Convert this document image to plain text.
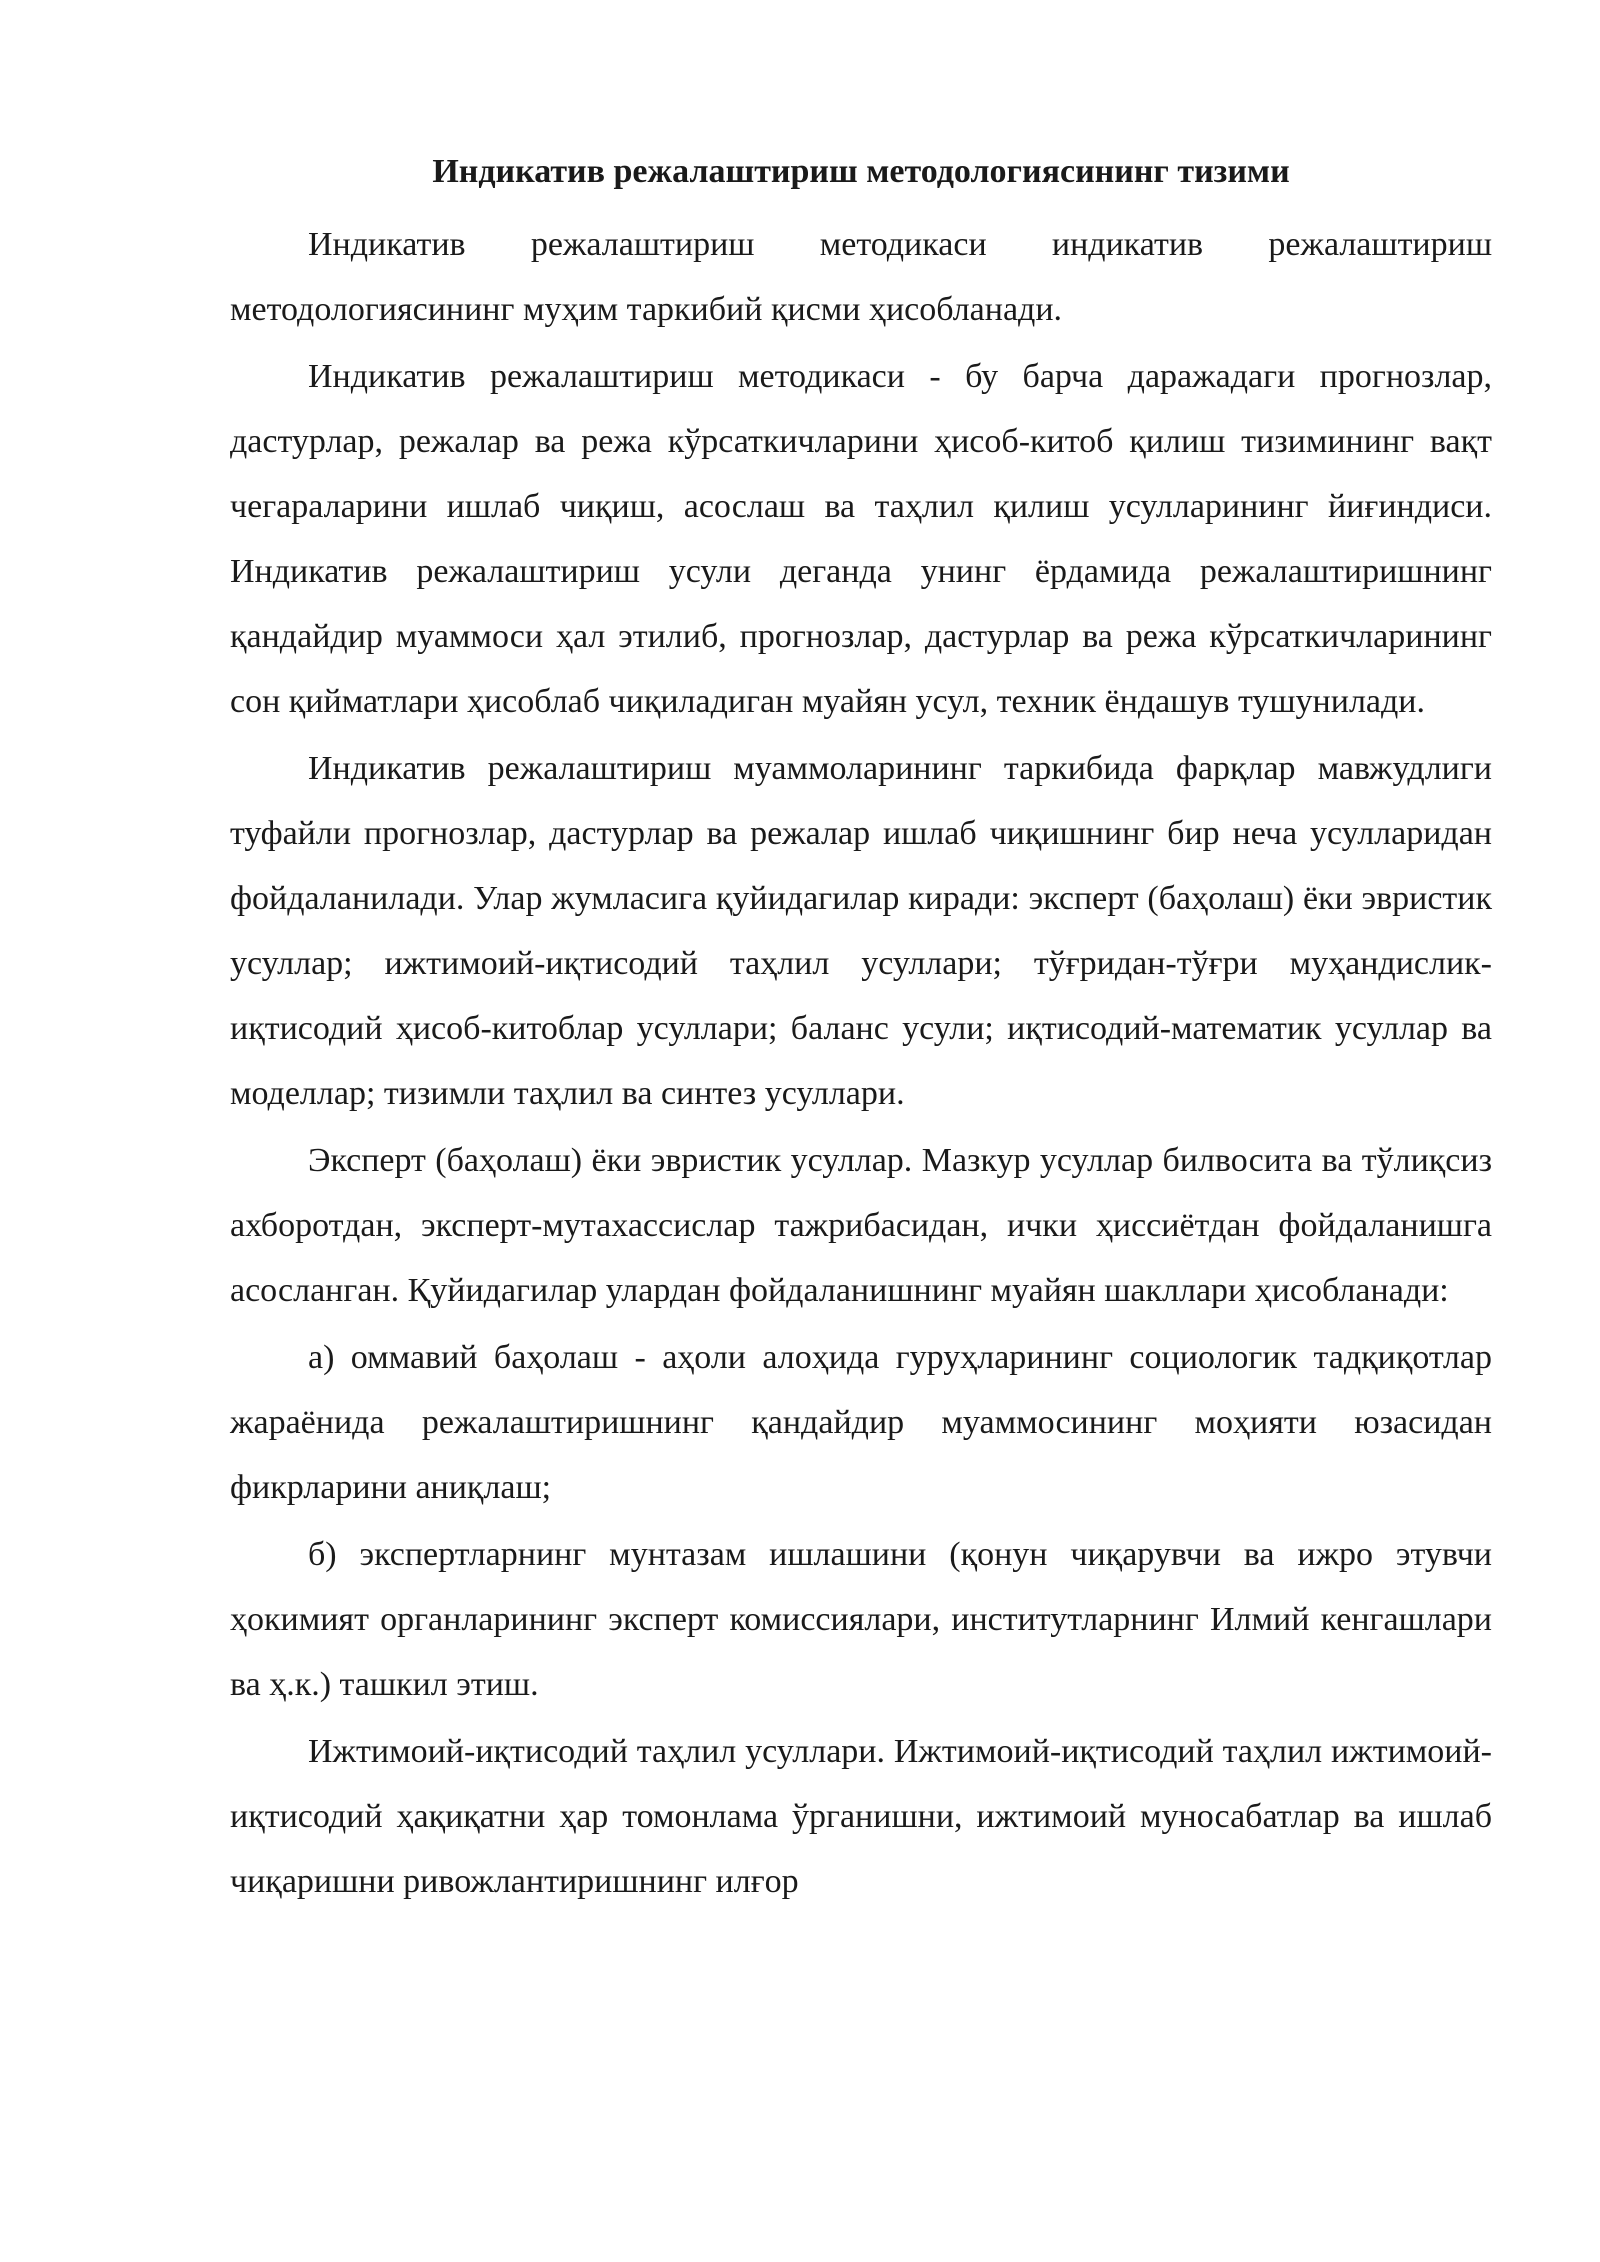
Индикатив режалаштириш методологиясининг тизими

Индикатив режалаштириш методикаси индикатив режалаштириш методологиясининг муҳим таркибий қисми ҳисобланади.

Индикатив режалаштириш методикаси - бу барча даражадаги прогнозлар, дастурлар, режалар ва режа кўрсаткичларини ҳисоб-китоб қилиш тизимининг вақт чегараларини ишлаб чиқиш, асослаш ва таҳлил қилиш усулларининг йиғиндиси. Индикатив режалаштириш усули деганда унинг ёрдамида режалаштиришнинг қандайдир муаммоси ҳал этилиб, прогнозлар, дастурлар ва режа кўрсаткичларининг сон қийматлари ҳисоблаб чиқиладиган муайян усул, техник ёндашув тушунилади.

Индикатив режалаштириш муаммоларининг таркибида фарқлар мавжудлиги туфайли прогнозлар, дастурлар ва режалар ишлаб чиқишнинг бир неча усулларидан фойдаланилади. Улар жумласига қуйидагилар киради: эксперт (баҳолаш) ёки эвристик усуллар; ижтимоий-иқтисодий таҳлил усуллари; тўғридан-тўғри муҳандислик-иқтисодий ҳисоб-китоблар усуллари; баланс усули; иқтисодий-математик усуллар ва моделлар; тизимли таҳлил ва синтез усуллари.

Эксперт (баҳолаш) ёки эвристик усуллар. Мазкур усуллар билвосита ва тўлиқсиз ахборотдан, эксперт-мутахассислар тажрибасидан, ички ҳиссиётдан фойдаланишга асосланган. Қуйидагилар улардан фойдаланишнинг муайян шакллари ҳисобланади:

а) оммавий баҳолаш - аҳоли алоҳида гуруҳларининг социологик тадқиқотлар жараёнида режалаштиришнинг қандайдир муаммосининг моҳияти юзасидан фикрларини аниқлаш;

б) экспертларнинг мунтазам ишлашини (қонун чиқарувчи ва ижро этувчи ҳокимият органларининг эксперт комиссиялари, институтларнинг Илмий кенгашлари ва ҳ.к.) ташкил этиш.

Ижтимоий-иқтисодий таҳлил усуллари. Ижтимоий-иқтисодий таҳлил ижтимоий-иқтисодий ҳақиқатни ҳар томонлама ўрганишни, ижтимоий муносабатлар ва ишлаб чиқаришни ривожлантиришнинг илғор
